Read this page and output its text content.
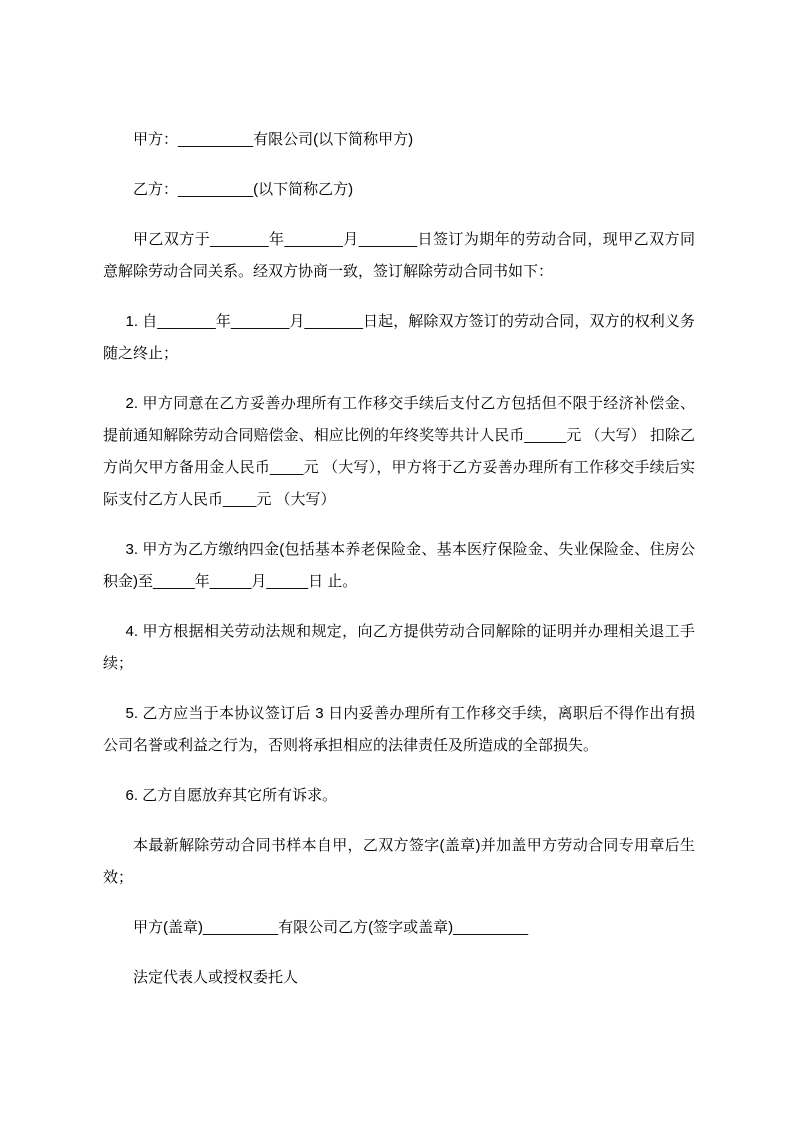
甲方：_________有限公司(以下简称甲方)

乙方：_________(以下简称乙方)

甲乙双方于_______年_______月_______日签订为期年的劳动合同，现甲乙双方同意解除劳动合同关系。经双方协商一致，签订解除劳动合同书如下：

1. 自_______年_______月_______日起，解除双方签订的劳动合同，双方的权利义务随之终止；

2. 甲方同意在乙方妥善办理所有工作移交手续后支付乙方包括但不限于经济补偿金、提前通知解除劳动合同赔偿金、相应比例的年终奖等共计人民币_____元 （大写） 扣除乙方尚欠甲方备用金人民币____元 （大写），甲方将于乙方妥善办理所有工作移交手续后实际支付乙方人民币____元 （大写）

3. 甲方为乙方缴纳四金(包括基本养老保险金、基本医疗保险金、失业保险金、住房公积金)至_____年_____月_____日 止。

4. 甲方根据相关劳动法规和规定，向乙方提供劳动合同解除的证明并办理相关退工手续；

5. 乙方应当于本协议签订后 3 日内妥善办理所有工作移交手续，离职后不得作出有损公司名誉或利益之行为，否则将承担相应的法律责任及所造成的全部损失。

6. 乙方自愿放弃其它所有诉求。

本最新解除劳动合同书样本自甲，乙双方签字(盖章)并加盖甲方劳动合同专用章后生效；

甲方(盖章)_________有限公司乙方(签字或盖章)_________

法定代表人或授权委托人
